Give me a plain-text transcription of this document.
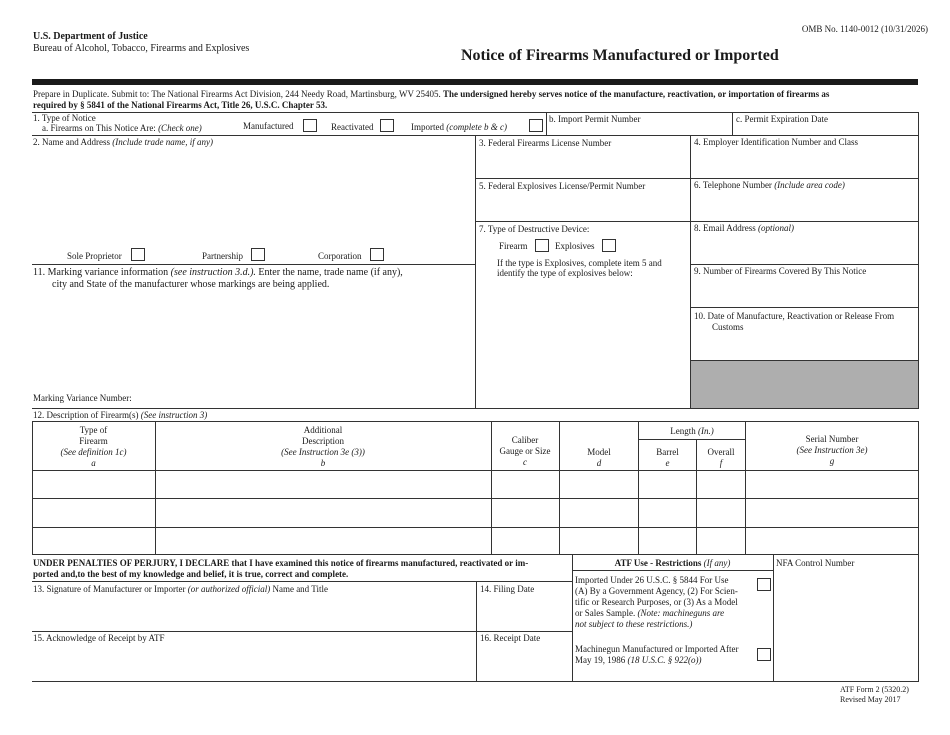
OMB No. 1140-0012 (10/31/2026)
U.S. Department of Justice
Bureau of Alcohol, Tobacco, Firearms and Explosives	Notice of Firearms Manufactured or Imported
Prepare in Duplicate. Submit to: The National Firearms Act Division, 244 Needy Road, Martinsburg, WV 25405. The undersigned hereby serves notice of the manufacture, reactivation, or importation of firearms as
required by § 5841 of the National Firearms Act, Title 26, U.S.C. Chapter 53.
1. Type of Notice
a. Firearms on This Notice Are: (Check one)	Manufactured	Reactivated	Imported (complete b & c)
b. Import Permit Number	c. Permit Expiration Date
2. Name and Address (Include trade name, if any)
Sole Proprietor	Partnership	Corporation
11. Marking variance information (see instruction 3.d.). Enter the name, trade name (if any),
city and State of the manufacturer whose markings are being applied.
Marking Variance Number:
3. Federal Firearms License Number	4. Employer Identification Number and Class
5. Federal Explosives License/Permit Number	6. Telephone Number (Include area code)
7. Type of Destructive Device:
Firearm	Explosives
If the type is Explosives, complete item 5 and
identify the type of explosives below:
8. Email Address (optional)
9. Number of Firearms Covered By This Notice
10. Date of Manufacture, Reactivation or Release From
Customs
12. Description of Firearm(s) (See instruction 3)
Type of
Firearm
(See definition 1c)
a
Additional
Description
(See Instruction 3e (3))
b
Caliber
Gauge or Size
c
Model
d
Length (In.)
Barrel
e
Overall
f
Serial Number
(See Instruction 3e)
g
UNDER PENALTIES OF PERJURY, I DECLARE that I have examined this notice of firearms manufactured, reactivated or im-
ported and,to the best of my knowledge and belief, it is true, correct and complete.
13. Signature of Manufacturer or Importer (or authorized official) Name and Title	14. Filing Date
15. Acknowledge of Receipt by ATF	16. Receipt Date
ATF Use - Restrictions (If any)	NFA Control Number
Imported Under 26 U.S.C. § 5844 For Use
(A) By a Government Agency, (2) For Scien-
tific or Research Purposes, or (3) As a Model
or Sales Sample. (Note: machineguns are
not subject to these restrictions.)
Machinegun Manufactured or Imported After
May 19, 1986 (18 U.S.C. § 922(o))
ATF Form 2 (5320.2)
Revised May 2017
